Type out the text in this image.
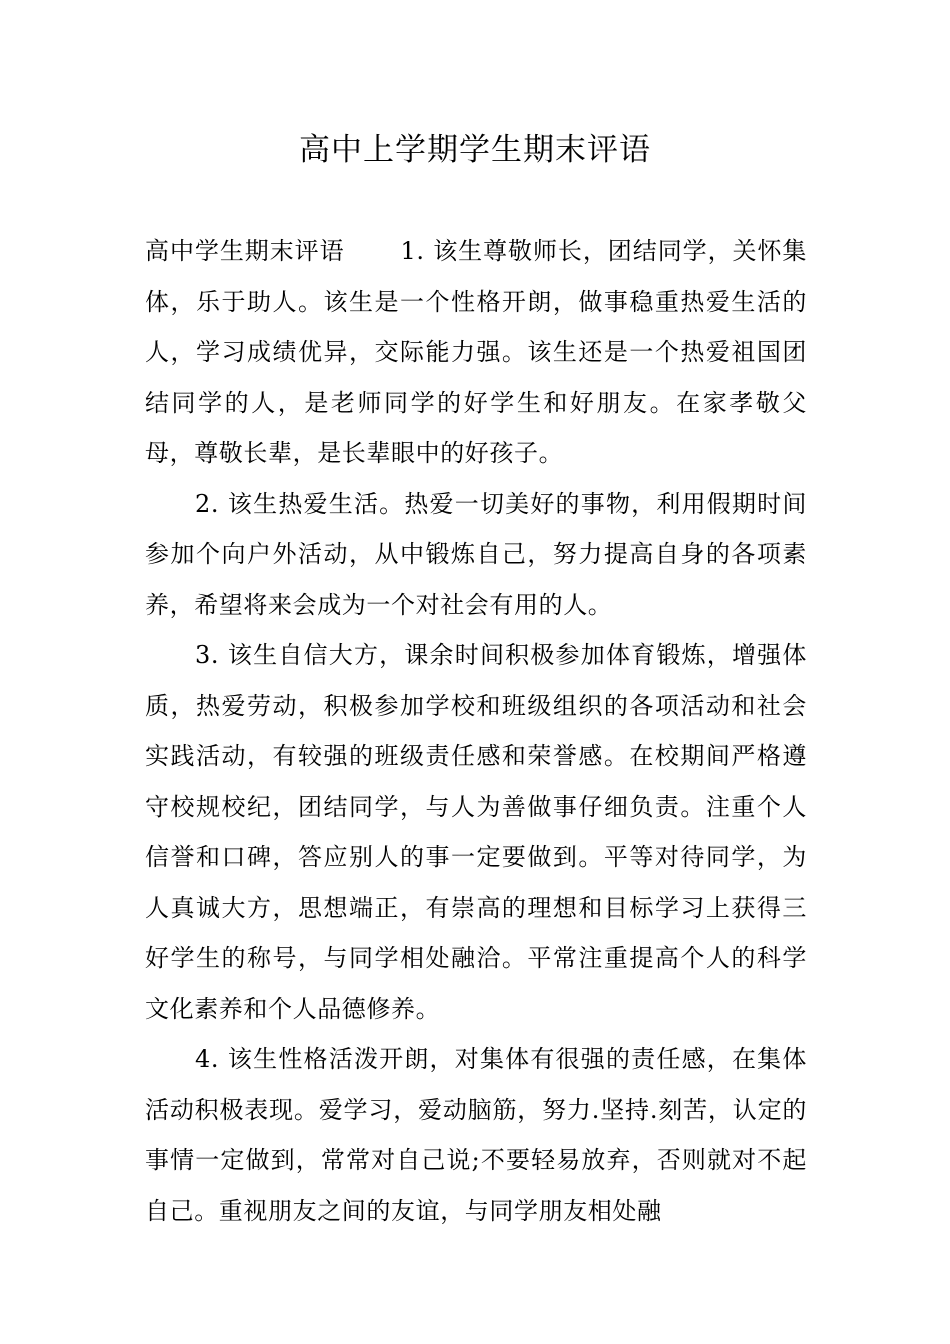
高中上学期学生期末评语

高中学生期末评语 1. 该生尊敬师长，团结同学，关怀集体，乐于助人。该生是一个性格开朗，做事稳重热爱生活的人，学习成绩优异，交际能力强。该生还是一个热爱祖国团结同学的人，是老师同学的好学生和好朋友。在家孝敬父母，尊敬长辈，是长辈眼中的好孩子。

2. 该生热爱生活。热爱一切美好的事物，利用假期时间参加个向户外活动，从中锻炼自己，努力提高自身的各项素养，希望将来会成为一个对社会有用的人。

3. 该生自信大方，课余时间积极参加体育锻炼，增强体质，热爱劳动，积极参加学校和班级组织的各项活动和社会实践活动，有较强的班级责任感和荣誉感。在校期间严格遵守校规校纪，团结同学，与人为善做事仔细负责。注重个人信誉和口碑，答应别人的事一定要做到。平等对待同学，为人真诚大方，思想端正，有崇高的理想和目标学习上获得三好学生的称号，与同学相处融洽。平常注重提高个人的科学文化素养和个人品德修养。

4. 该生性格活泼开朗，对集体有很强的责任感，在集体活动积极表现。爱学习，爱动脑筋，努力.坚持.刻苦，认定的事情一定做到，常常对自己说;不要轻易放弃，否则就对不起自己。重视朋友之间的友谊，与同学朋友相处融
